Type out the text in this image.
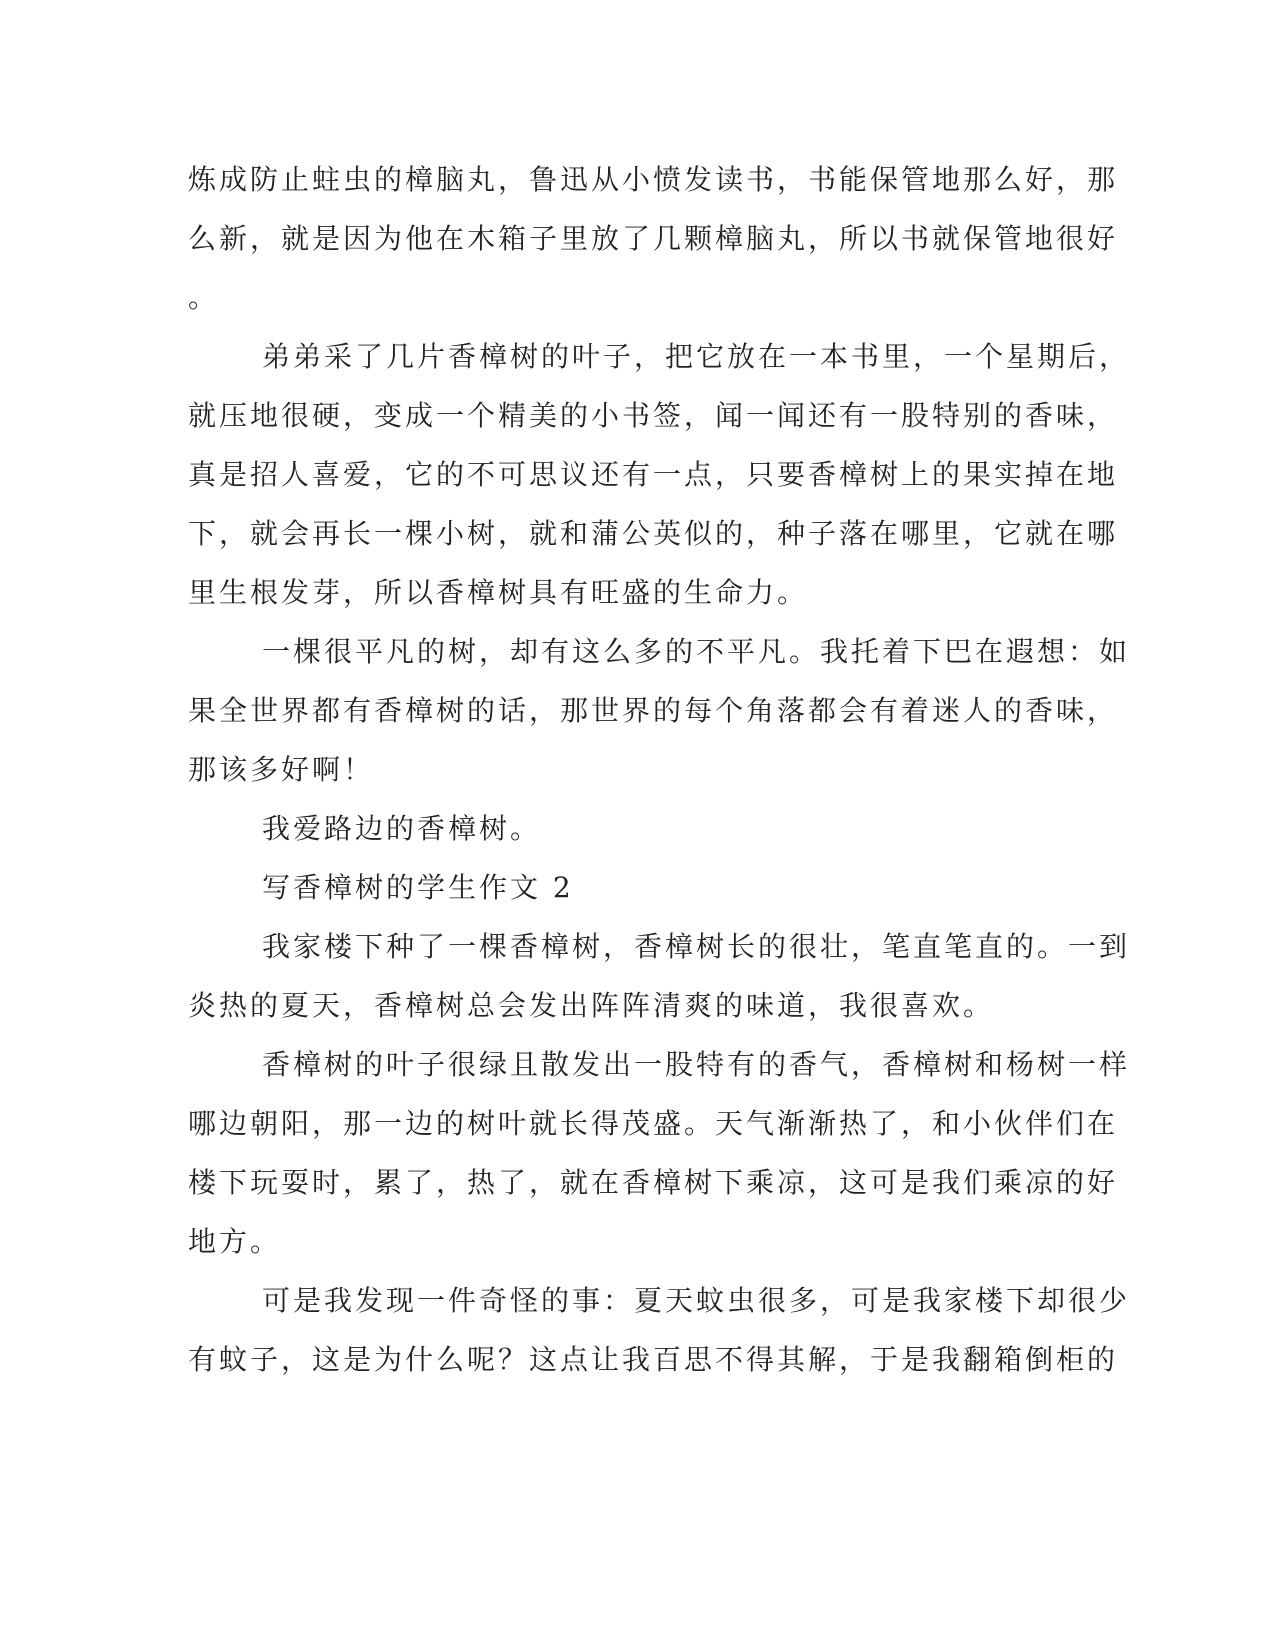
炼成防止蛀虫的樟脑丸，鲁迅从小愤发读书，书能保管地那么好，那
么新，就是因为他在木箱子里放了几颗樟脑丸，所以书就保管地很好
。
弟弟采了几片香樟树的叶子，把它放在一本书里，一个星期后，
就压地很硬，变成一个精美的小书签，闻一闻还有一股特别的香味，
真是招人喜爱，它的不可思议还有一点，只要香樟树上的果实掉在地
下，就会再长一棵小树，就和蒲公英似的，种子落在哪里，它就在哪
里生根发芽，所以香樟树具有旺盛的生命力。
一棵很平凡的树，却有这么多的不平凡。我托着下巴在遐想：如
果全世界都有香樟树的话，那世界的每个角落都会有着迷人的香味，
那该多好啊！
我爱路边的香樟树。
写香樟树的学生作文 2
我家楼下种了一棵香樟树，香樟树长的很壮，笔直笔直的。一到
炎热的夏天，香樟树总会发出阵阵清爽的味道，我很喜欢。
香樟树的叶子很绿且散发出一股特有的香气，香樟树和杨树一样
哪边朝阳，那一边的树叶就长得茂盛。天气渐渐热了，和小伙伴们在
楼下玩耍时，累了，热了，就在香樟树下乘凉，这可是我们乘凉的好
地方。
可是我发现一件奇怪的事：夏天蚊虫很多，可是我家楼下却很少
有蚊子，这是为什么呢？这点让我百思不得其解，于是我翻箱倒柜的
